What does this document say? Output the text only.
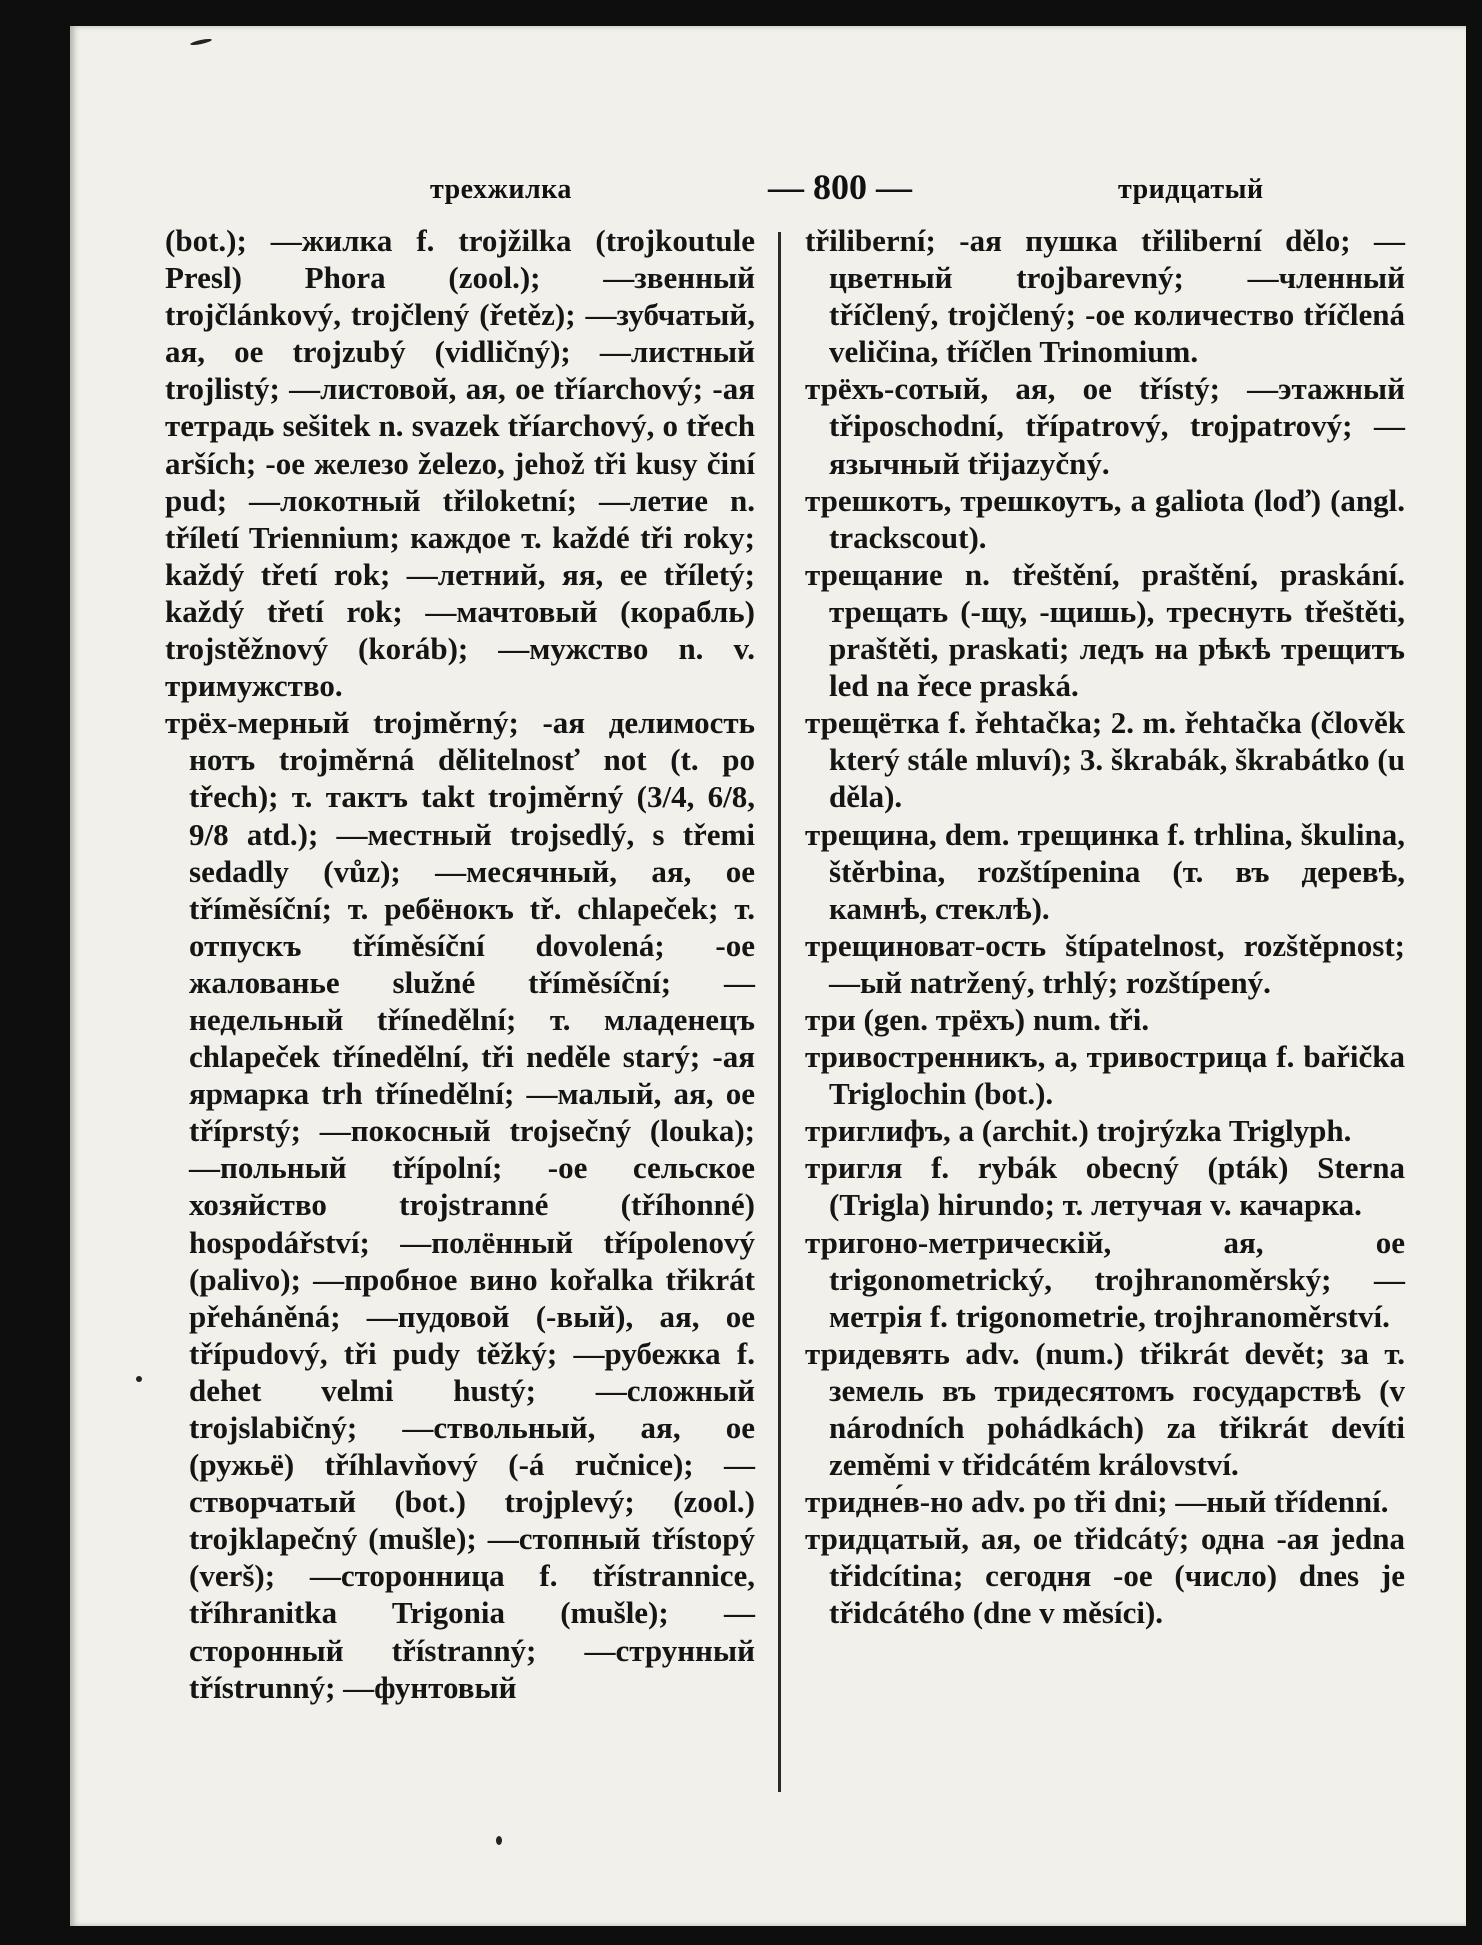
трехжилка	— 800 —	тридцатый

(bot.); —жилка f. trojžilka (trojkoutule Presl) Phora (zool.); —звенный trojčlánkový, trojčlený (řetěz); —зубчатый, ая, ое trojzubý (vidličný); —листный trojlistý; —листовой, ая, ое tříarchový; -ая тетрадь sešitek n. svazek tříarchový, o třech arších; -ое железо železo, jehož tři kusy činí pud; —локотный třiloketní; —летие n. tříletí Triennium; каждое т. každé tři roky; každý třetí rok; —летний, яя, ее tříletý; každý třetí rok; —мачтовый (корабль) trojstěžnový (koráb); —мужство n. v. тримужство.

трёх-мерный trojměrný; -ая делимость нотъ trojměrná dělitelnosť not (t. po třech); т. тактъ takt trojměrný (3/4, 6/8, 9/8 atd.); —местный trojsedlý, s třemi sedadly (vůz); —месячный, ая, ое tříměsíční; т. ребёнокъ tř. chlapeček; т. отпускъ tříměsíční dovolená; -ое жалованье služné tříměsíční; —недельный třínedělní; т. младенецъ chlapeček třínedělní, tři neděle starý; -ая ярмарка trh třínedělní; —малый, ая, ое tříprstý; —покосный trojsečný (louka); —польный třípolní; -ое сельское хозяйство trojstranné (tříhonné) hospodářství; —полённый třípolenový (palivo); —пробное вино kořalka třikrát přeháněná; —пудовой (-вый), ая, ое třípudový, tři pudy těžký; —рубежка f. dehet velmi hustý; —сложный trojslabičný; —ствольный, ая, ое (ружьё) tříhlavňový (-á ručnice); —створчатый (bot.) trojplevý; (zool.) trojklapečný (mušle); —стопный třístopý (verš); —сторонница f. třístrannice, tříhranitka Trigonia (mušle); —сторонный třístranný; —струнный třístrunný; —фунтовый

třiliberní; -ая пушка třiliberní dělo; —цветный trojbarevný; —членный tříčlený, trojčlený; -ое количество tříčlená veličina, tříčlen Trinomium.

трёхъ-сотый, ая, ое třístý; —этажный třiposchodní, třípatrový, trojpatrový; —язычный třijazyčný.

трешкотъ, трешкоутъ, a galiota (loď) (angl. trackscout).

трещание n. třeštění, praštění, praskání. трещать (-щу, -щишь), треснуть třeštěti, praštěti, praskati; ледъ на рѣкѣ трещитъ led na řece praská.

трещётка f. řehtačka; 2. m. řehtačka (člověk který stále mluví); 3. škrabák, škrabátko (u děla).

трещина, dem. трещинка f. trhlina, škulina, štěrbina, rozštípenina (т. въ деревѣ, камнѣ, стеклѣ).

трещиноват-ость štípatelnost, rozštěpnost; —ый natržený, trhlý; rozštípený.

три (gen. трёхъ) num. tři.

тривостренникъ, а, тривострица f. bařička Triglochin (bot.).

триглифъ, а (archit.) trojrýzka Triglyph.

тригля f. rybák obecný (pták) Sterna (Trigla) hirundo; т. летучая v. качарка.

тригоно-метрическій, ая, ое trigonometrický, trojhranoměrský; —метрія f. trigonometrie, trojhranoměrství.

тридевять adv. (num.) třikrát devět; за т. земель въ тридесятомъ государствѣ (v národních pohádkách) za třikrát devíti zeměmi v třidcátém království.

тридне́в-но adv. po tři dni; —ный třídenní.

тридцатый, ая, ое třidcátý; одна -ая jedna třidcítina; сегодня -ое (число) dnes je třidcátého (dne v měsíci).
